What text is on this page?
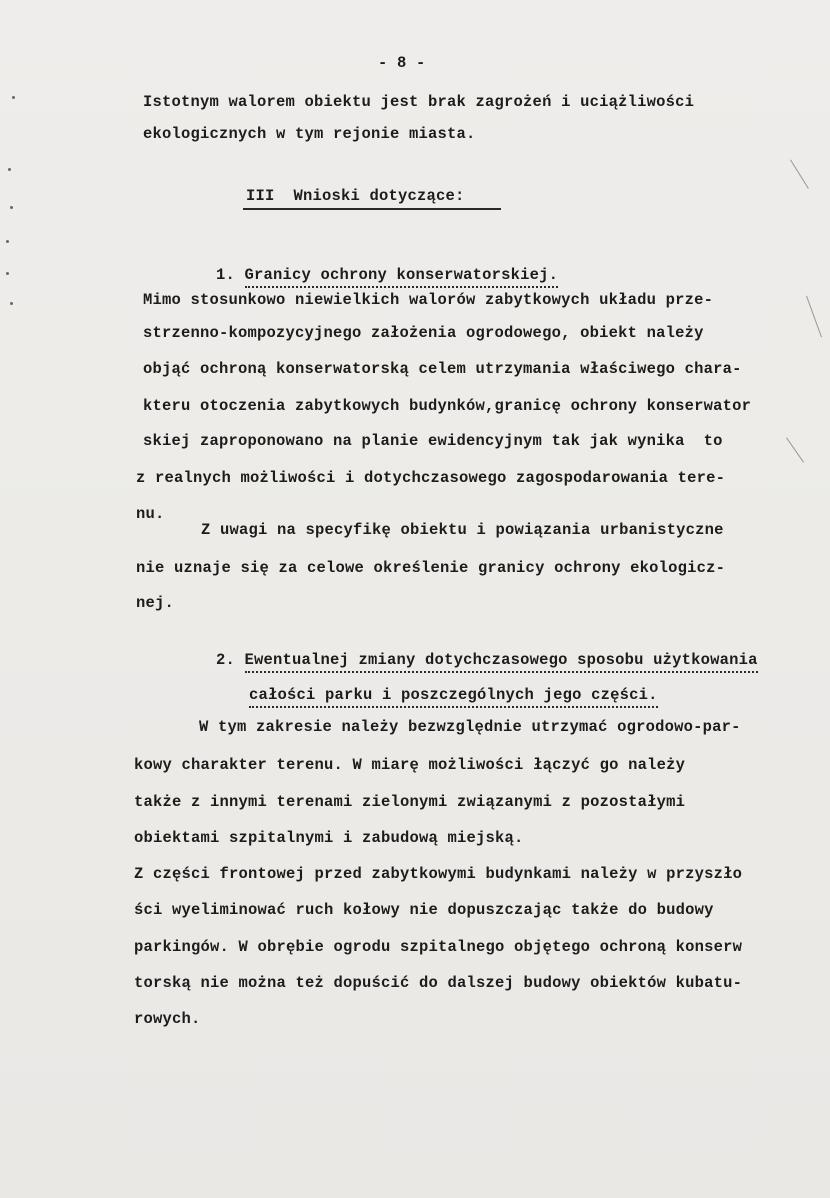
- 8 -
Istotnym walorem obiektu jest brak zagrożeń i uciążliwości
ekologicznych w tym rejonie miasta.
III  Wnioski dotyczące:

1. Granicy ochrony konserwatorskiej.

Mimo stosunkowo niewielkich walorów zabytkowych układu prze-
strzenno-kompozycyjnego założenia ogrodowego, obiekt należy
objąć ochroną konserwatorską celem utrzymania właściwego chara-
kteru otoczenia zabytkowych budynków,granicę ochrony konserwator
skiej zaproponowano na planie ewidencyjnym tak jak wynika  to
z realnych możliwości i dotychczasowego zagospodarowania tere-
nu.
Z uwagi na specyfikę obiektu i powiązania urbanistyczne
nie uznaje się za celowe określenie granicy ochrony ekologicz-
nej.

2. Ewentualnej zmiany dotychczasowego sposobu użytkowania

całości parku i poszczególnych jego części.

W tym zakresie należy bezwzględnie utrzymać ogrodowo-par-
kowy charakter terenu. W miarę możliwości łączyć go należy
także z innymi terenami zielonymi związanymi z pozostałymi
obiektami szpitalnymi i zabudową miejską.
Z części frontowej przed zabytkowymi budynkami należy w przyszło
ści wyeliminować ruch kołowy nie dopuszczając także do budowy
parkingów. W obrębie ogrodu szpitalnego objętego ochroną konserw
torską nie można też dopuścić do dalszej budowy obiektów kubatu-
rowych.
